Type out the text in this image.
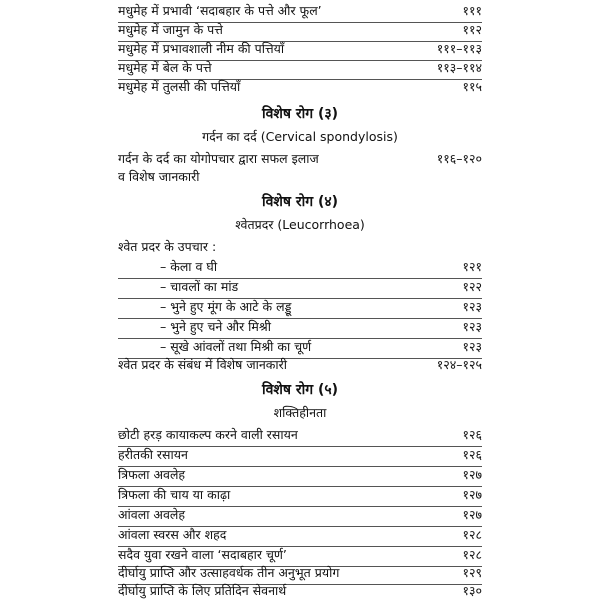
मधुमेह में प्रभावी ‘सदाबहार के पत्ते और फूल’	१११
मधुमेह में जामुन के पत्ते	११२
मधुमेह में प्रभावशाली नीम की पत्तियाँ	१११–११३
मधुमेह में बेल के पत्ते	११३–११४
मधुमेह में तुलसी की पत्तियाँ	११५
विशेष रोग (३)
गर्दन का दर्द (Cervical spondylosis)
गर्दन के दर्द का योगोपचार द्वारा सफल इलाज	११६–१२०
व विशेष जानकारी
विशेष रोग (४)
श्वेतप्रदर (Leucorrhoea)
श्वेत प्रदर के उपचार :
– केला व घी	१२१
– चावलों का मांड	१२२
– भुने हुए मूंग के आटे के लड्डू	१२३
– भुने हुए चने और मिश्री	१२३
– सूखे आंवलों तथा मिश्री का चूर्ण	१२३
श्वेत प्रदर के संबंध में विशेष जानकारी	१२४–१२५
विशेष रोग (५)
शक्तिहीनता
छोटी हरड़ कायाकल्प करने वाली रसायन	१२६
हरीतकी रसायन	१२६
त्रिफला अवलेह	१२७
त्रिफला की चाय या काढ़ा	१२७
आंवला अवलेह	१२७
आंवला स्वरस और शहद	१२८
सदैव युवा रखने वाला ‘सदाबहार चूर्ण’	१२८
दीर्घायु प्राप्ति और उत्साहवर्धक तीन अनुभूत प्रयोग	१२९
दीर्घायु प्राप्ति के लिए प्रतिदिन सेवनार्थ	१३०
